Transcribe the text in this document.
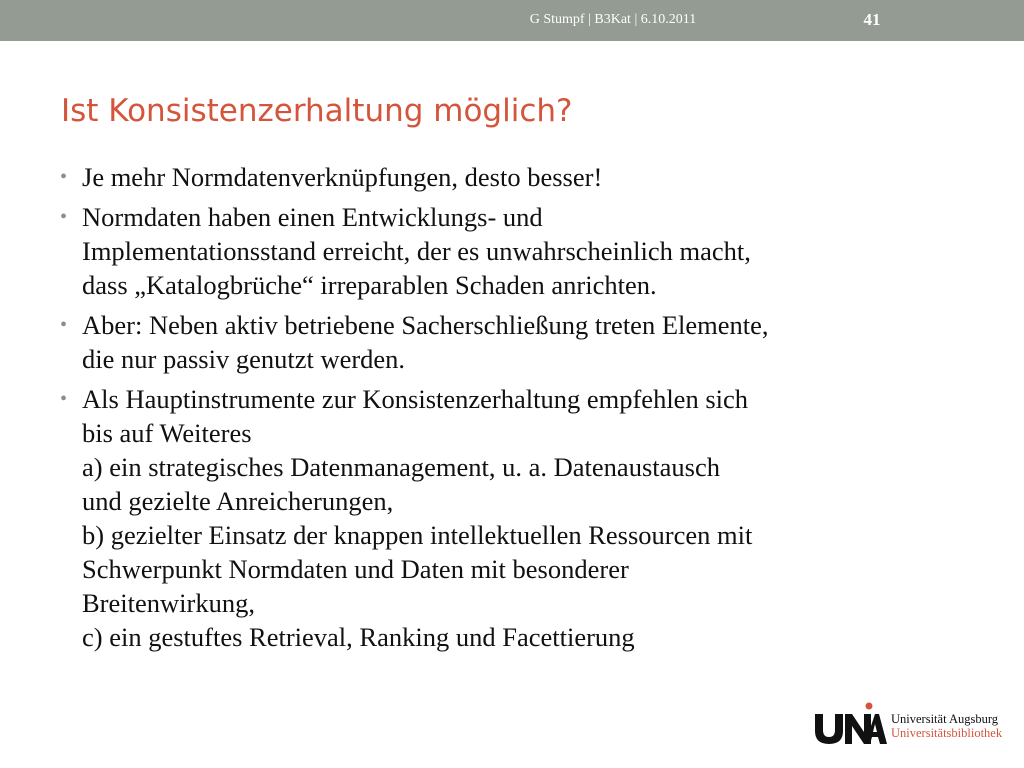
G Stumpf | B3Kat | 6.10.2011	41
Ist Konsistenzerhaltung möglich?
• Je mehr Normdatenverknüpfungen, desto besser!
• Normdaten haben einen Entwicklungs- und
Implementationsstand erreicht, der es unwahrscheinlich macht,
dass „Katalogbrüche“ irreparablen Schaden anrichten.
• Aber: Neben aktiv betriebene Sacherschließung treten Elemente,
die nur passiv genutzt werden.
• Als Hauptinstrumente zur Konsistenzerhaltung empfehlen sich
bis auf Weiteres
a) ein strategisches Datenmanagement, u. a. Datenaustausch
und gezielte Anreicherungen,
b) gezielter Einsatz der knappen intellektuellen Ressourcen mit
Schwerpunkt Normdaten und Daten mit besonderer
Breitenwirkung,
c) ein gestuftes Retrieval, Ranking und Facettierung
Universität Augsburg
Universitätsbibliothek
